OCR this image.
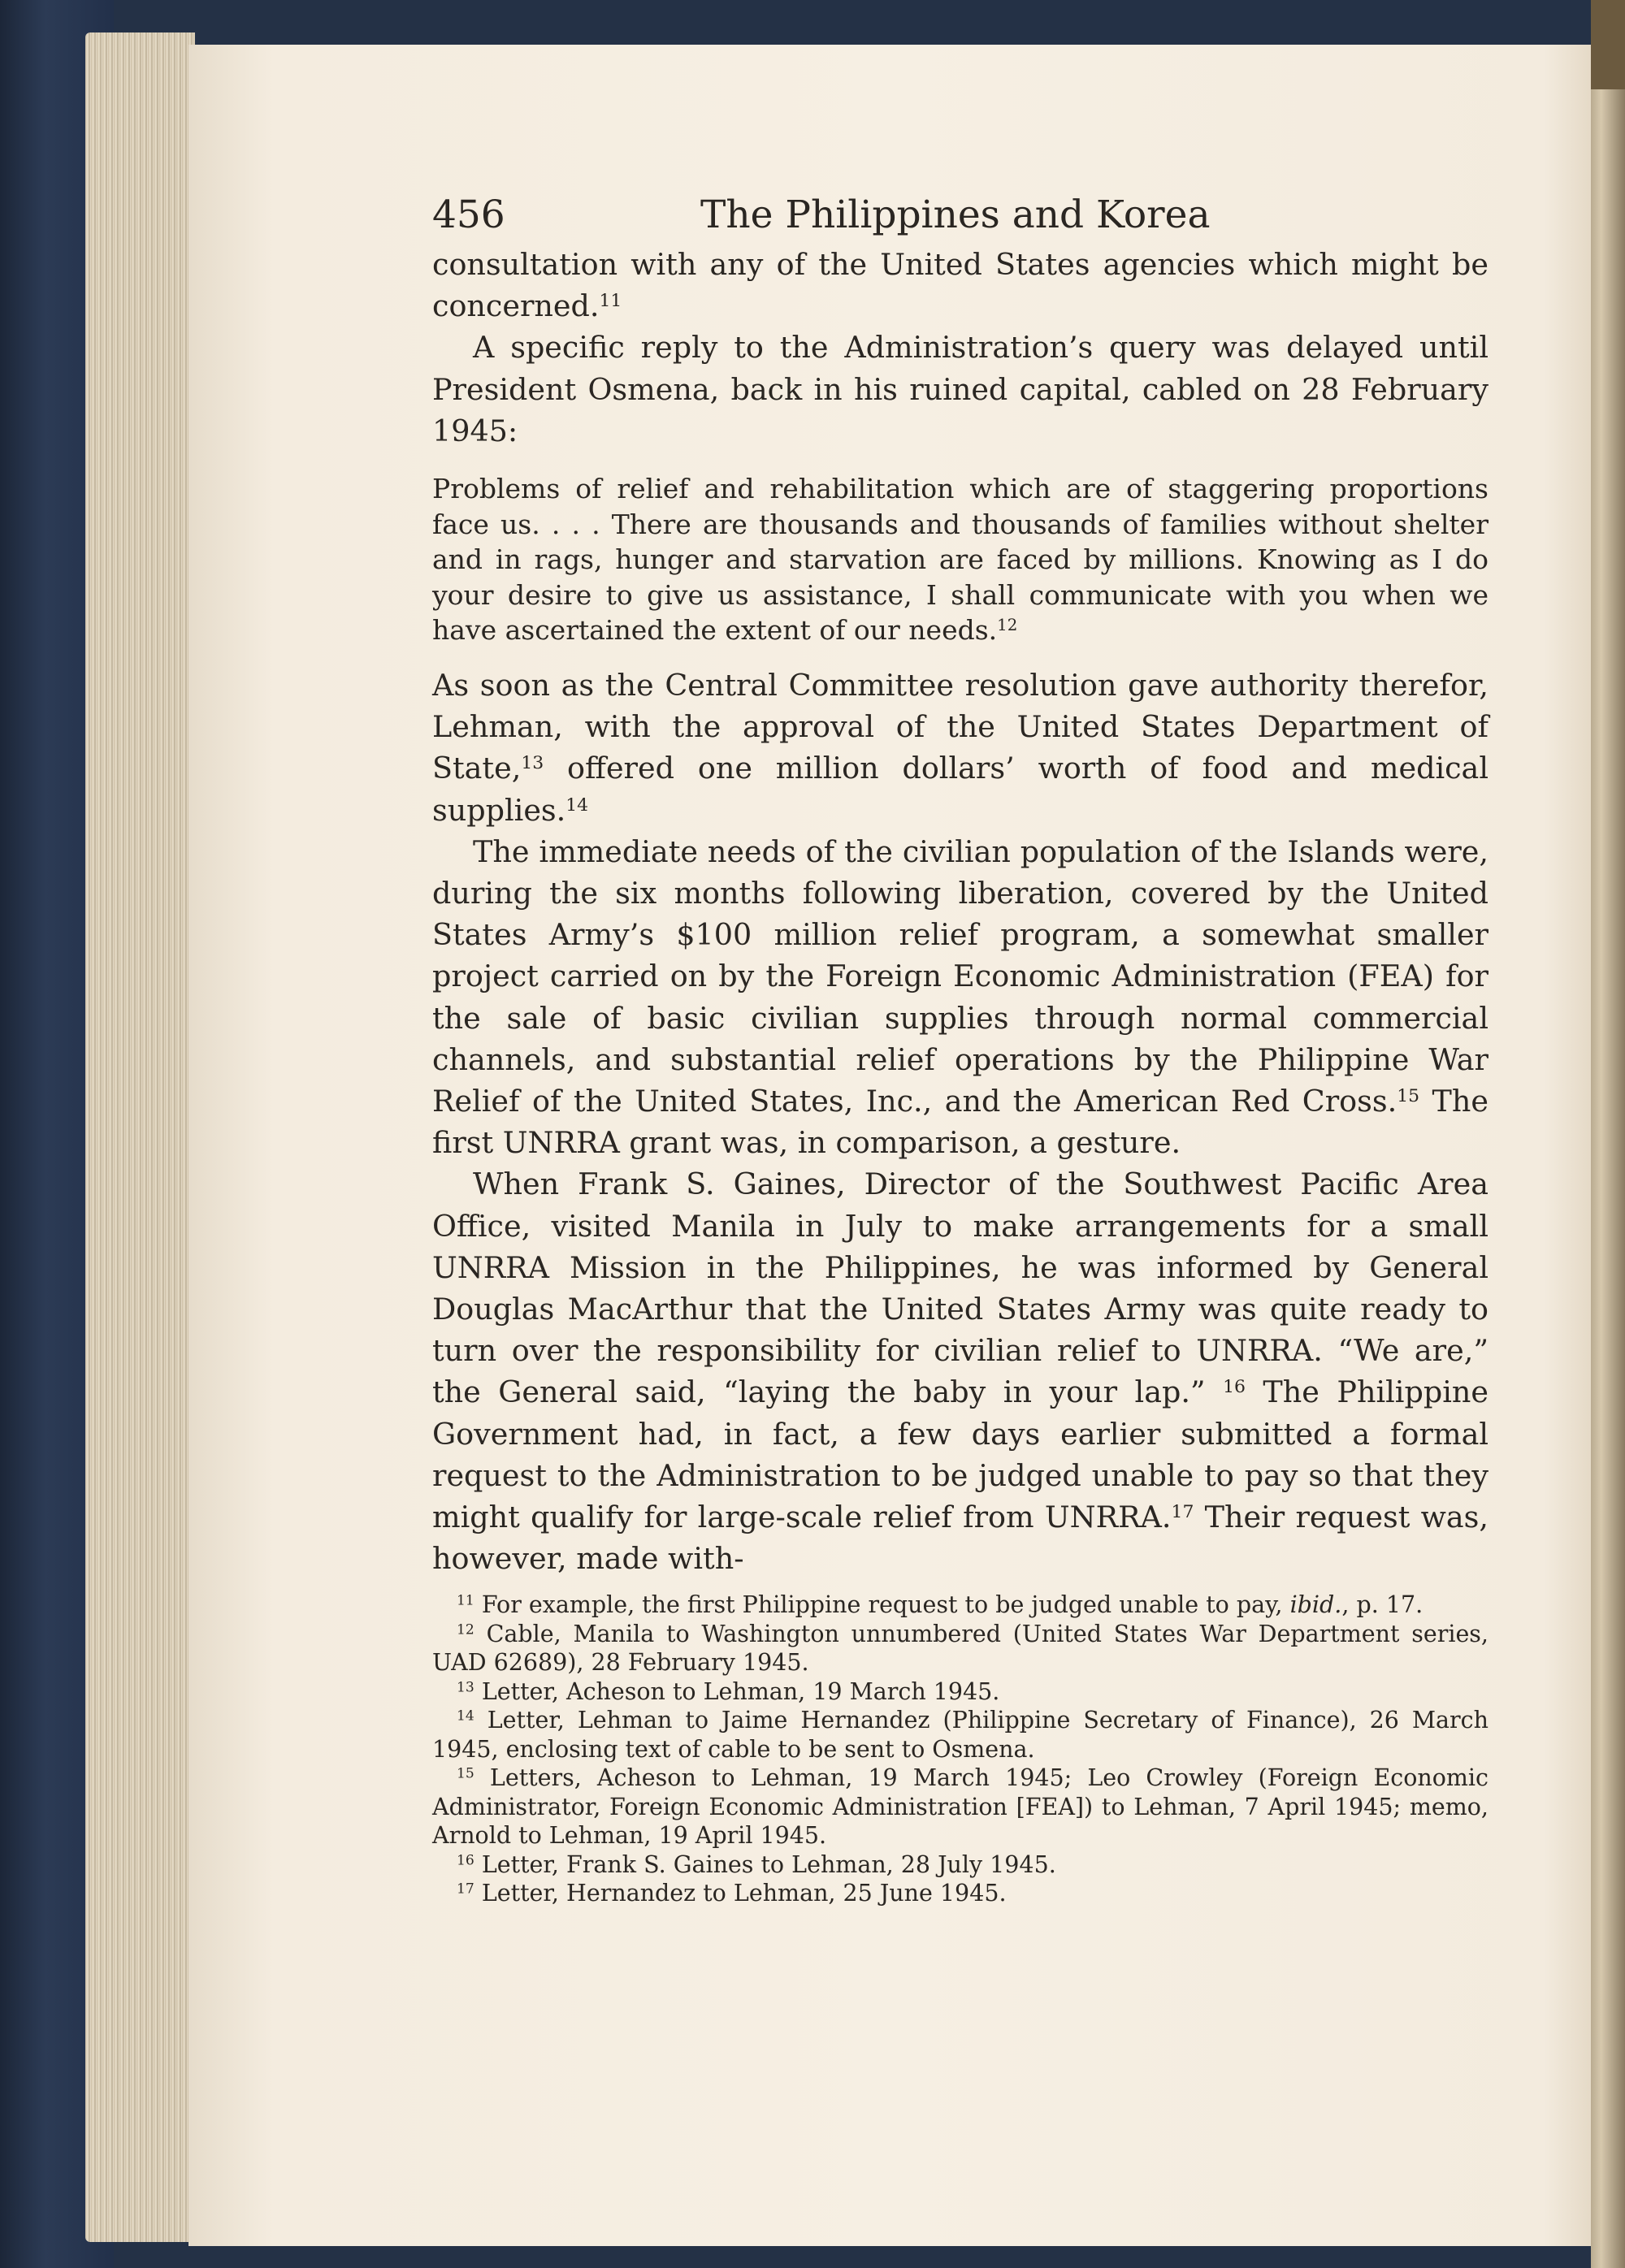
456	The Philippines and Korea

consultation with any of the United States agencies which might be concerned.$^{11}$

A specific reply to the Administration’s query was delayed until President Osmena, back in his ruined capital, cabled on 28 February 1945:

Problems of relief and rehabilitation which are of staggering proportions face us. . . . There are thousands and thousands of families without shelter and in rags, hunger and starvation are faced by millions. Knowing as I do your desire to give us assistance, I shall communicate with you when we have ascertained the extent of our needs.$^{12}$

As soon as the Central Committee resolution gave authority therefor, Lehman, with the approval of the United States Department of State,$^{13}$ offered one million dollars’ worth of food and medical supplies.$^{14}$

The immediate needs of the civilian population of the Islands were, during the six months following liberation, covered by the United States Army’s $100 million relief program, a somewhat smaller project carried on by the Foreign Economic Administration (FEA) for the sale of basic civilian supplies through normal commercial channels, and substantial relief operations by the Philippine War Relief of the United States, Inc., and the American Red Cross.$^{15}$ The first UNRRA grant was, in comparison, a gesture.

When Frank S. Gaines, Director of the Southwest Pacific Area Office, visited Manila in July to make arrangements for a small UNRRA Mission in the Philippines, he was informed by General Douglas MacArthur that the United States Army was quite ready to turn over the responsibility for civilian relief to UNRRA. “We are,” the General said, “laying the baby in your lap.” $^{16}$ The Philippine Government had, in fact, a few days earlier submitted a formal request to the Administration to be judged unable to pay so that they might qualify for large-scale relief from UNRRA.$^{17}$ Their request was, however, made with-

$^{11}$ For example, the first Philippine request to be judged unable to pay, ibid., p. 17.

$^{12}$ Cable, Manila to Washington unnumbered (United States War Department series, UAD 62689), 28 February 1945.

$^{13}$ Letter, Acheson to Lehman, 19 March 1945.

$^{14}$ Letter, Lehman to Jaime Hernandez (Philippine Secretary of Finance), 26 March 1945, enclosing text of cable to be sent to Osmena.

$^{15}$ Letters, Acheson to Lehman, 19 March 1945; Leo Crowley (Foreign Economic Administrator, Foreign Economic Administration [FEA]) to Lehman, 7 April 1945; memo, Arnold to Lehman, 19 April 1945.

$^{16}$ Letter, Frank S. Gaines to Lehman, 28 July 1945.

$^{17}$ Letter, Hernandez to Lehman, 25 June 1945.
